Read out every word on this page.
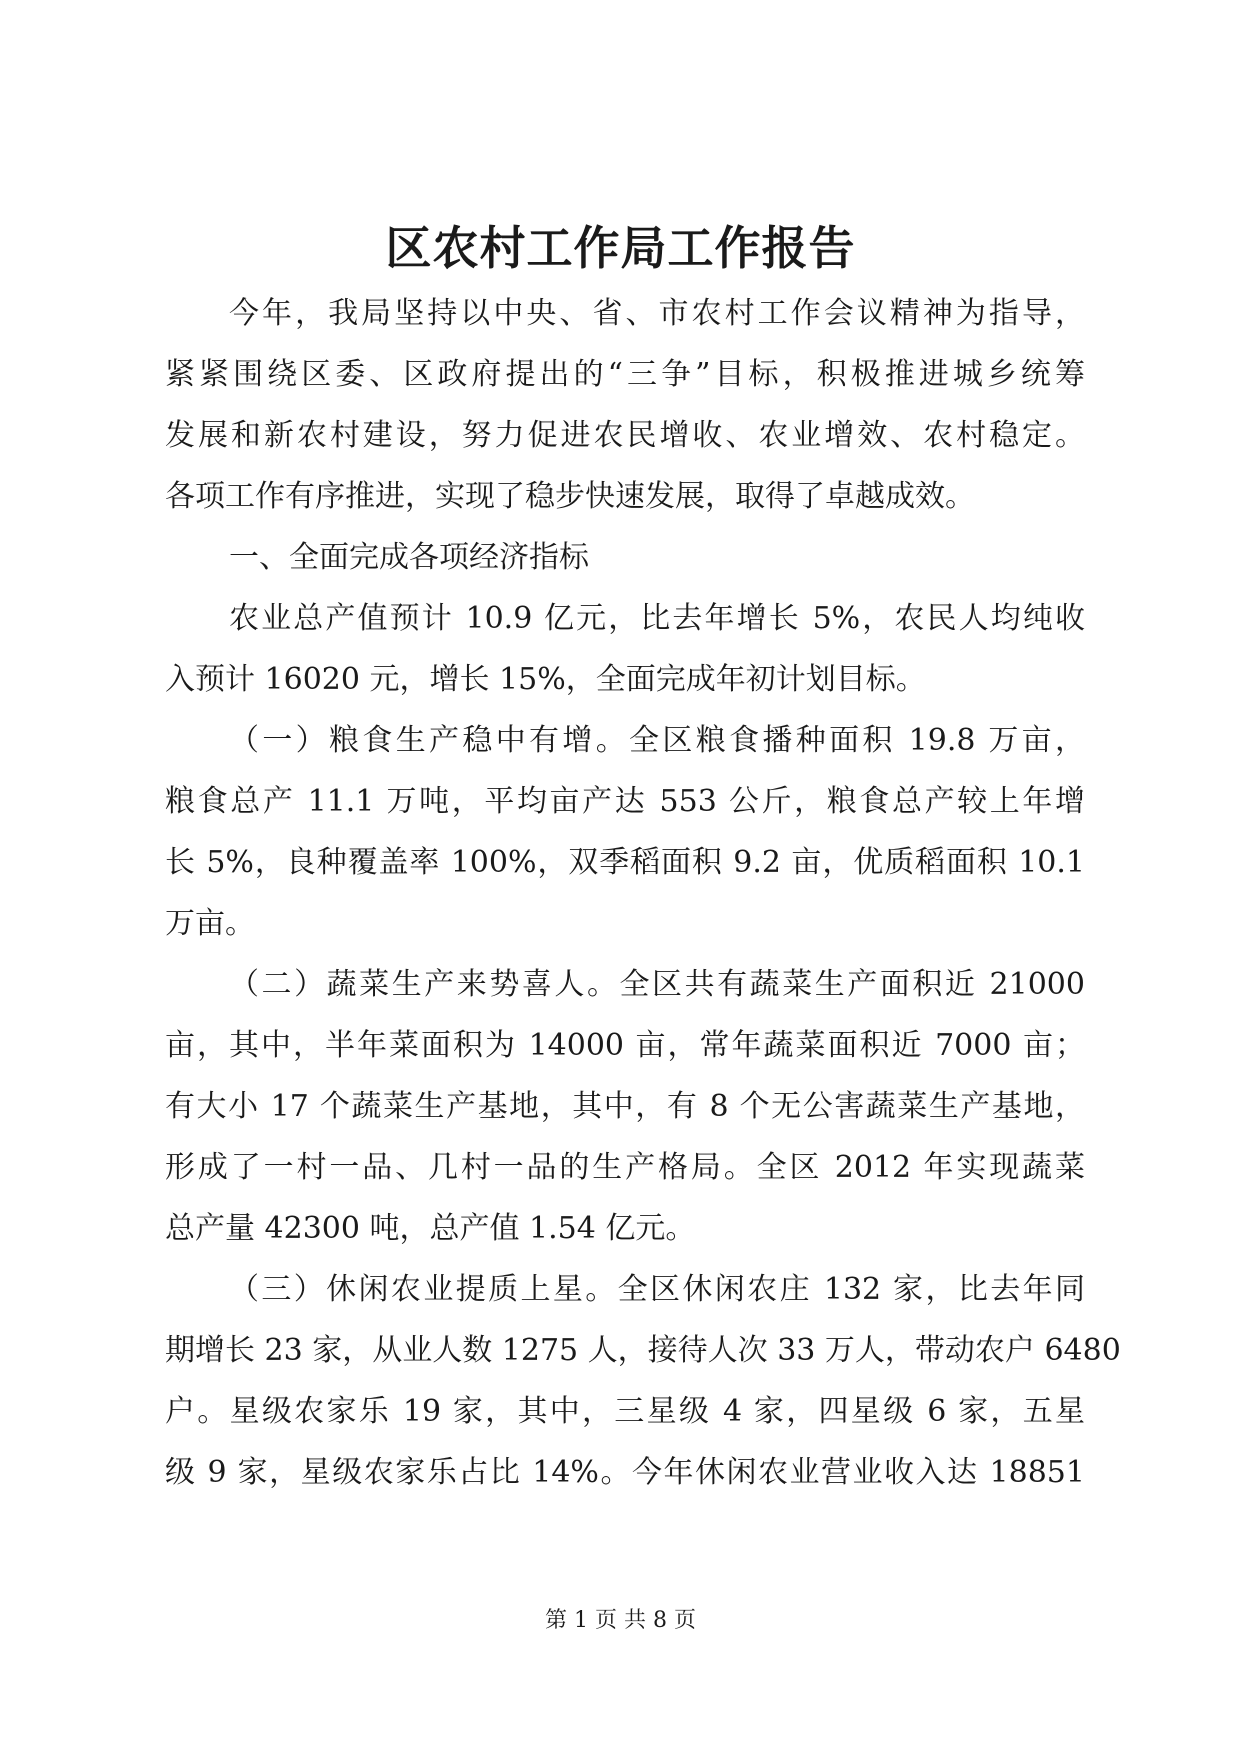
区农村工作局工作报告
今年，我局坚持以中央、省、市农村工作会议精神为指导，
紧紧围绕区委、区政府提出的“三争”目标，积极推进城乡统筹
发展和新农村建设，努力促进农民增收、农业增效、农村稳定。
各项工作有序推进，实现了稳步快速发展，取得了卓越成效。
一、全面完成各项经济指标
农业总产值预计 10.9 亿元，比去年增长 5%，农民人均纯收
入预计 16020 元，增长 15%，全面完成年初计划目标。
（一）粮食生产稳中有增。全区粮食播种面积 19.8 万亩，
粮食总产 11.1 万吨，平均亩产达 553 公斤，粮食总产较上年增
长 5%，良种覆盖率 100%，双季稻面积 9.2 亩，优质稻面积 10.1
万亩。
（二）蔬菜生产来势喜人。全区共有蔬菜生产面积近 21000
亩，其中，半年菜面积为 14000 亩，常年蔬菜面积近 7000 亩；
有大小 17 个蔬菜生产基地，其中，有 8 个无公害蔬菜生产基地，
形成了一村一品、几村一品的生产格局。全区 2012 年实现蔬菜
总产量 42300 吨，总产值 1.54 亿元。
（三）休闲农业提质上星。全区休闲农庄 132 家，比去年同
期增长 23 家，从业人数 1275 人，接待人次 33 万人，带动农户 6480
户。星级农家乐 19 家，其中，三星级 4 家，四星级 6 家，五星
级 9 家，星级农家乐占比 14%。今年休闲农业营业收入达 18851
第 1 页 共 8 页
